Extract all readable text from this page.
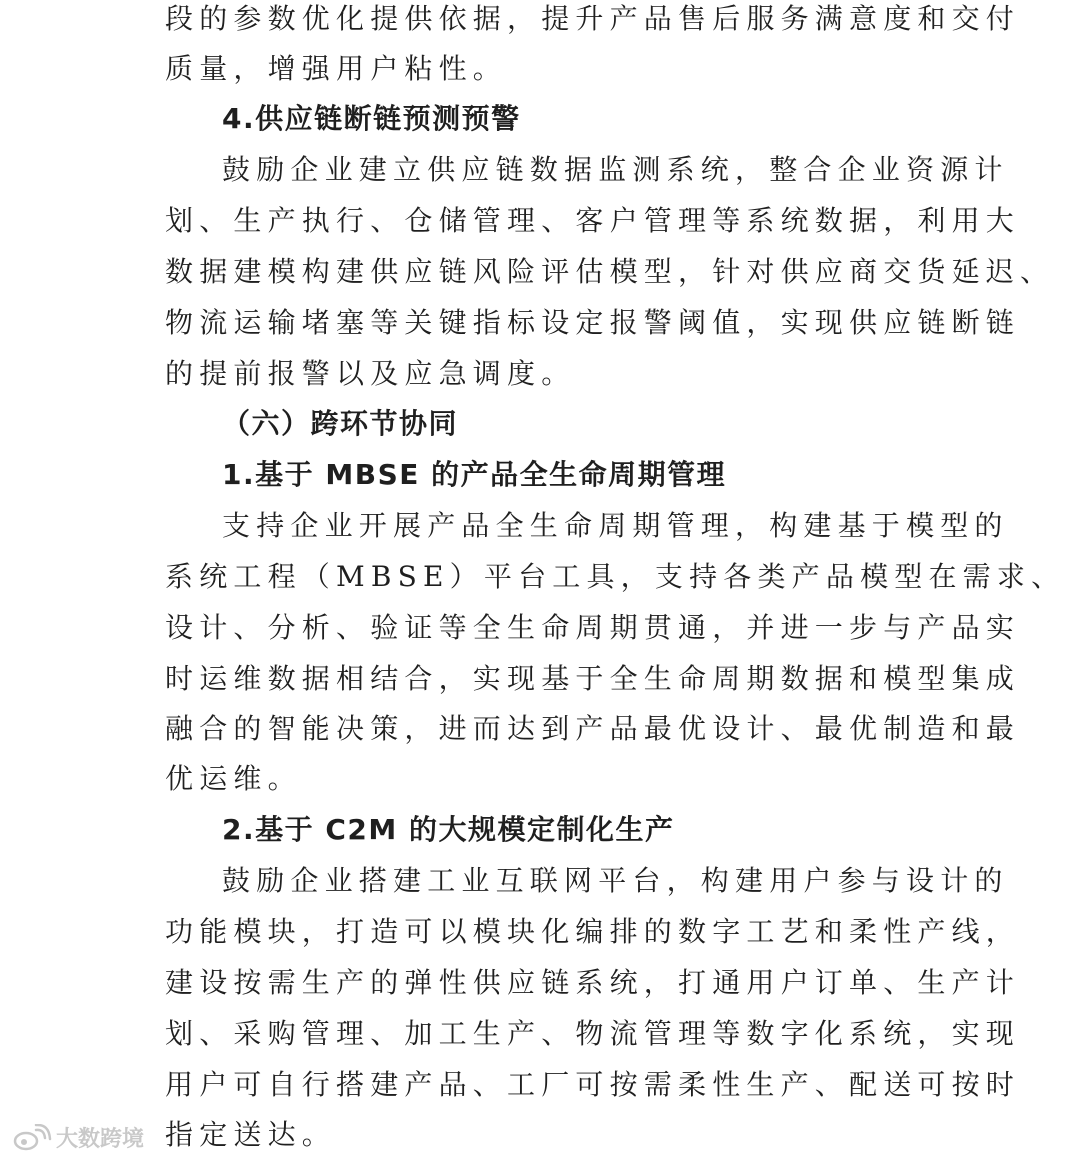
段的参数优化提供依据，提升产品售后服务满意度和交付
质量，增强用户粘性。
4.供应链断链预测预警
鼓励企业建立供应链数据监测系统，整合企业资源计
划、生产执行、仓储管理、客户管理等系统数据，利用大
数据建模构建供应链风险评估模型，针对供应商交货延迟、
物流运输堵塞等关键指标设定报警阈值，实现供应链断链
的提前报警以及应急调度。
（六）跨环节协同
1.基于 MBSE 的产品全生命周期管理
支持企业开展产品全生命周期管理，构建基于模型的
系统工程（MBSE）平台工具，支持各类产品模型在需求、
设计、分析、验证等全生命周期贯通，并进一步与产品实
时运维数据相结合，实现基于全生命周期数据和模型集成
融合的智能决策，进而达到产品最优设计、最优制造和最
优运维。
2.基于 C2M 的大规模定制化生产
鼓励企业搭建工业互联网平台，构建用户参与设计的
功能模块，打造可以模块化编排的数字工艺和柔性产线，
建设按需生产的弹性供应链系统，打通用户订单、生产计
划、采购管理、加工生产、物流管理等数字化系统，实现
用户可自行搭建产品、工厂可按需柔性生产、配送可按时
指定送达。
大数跨境
